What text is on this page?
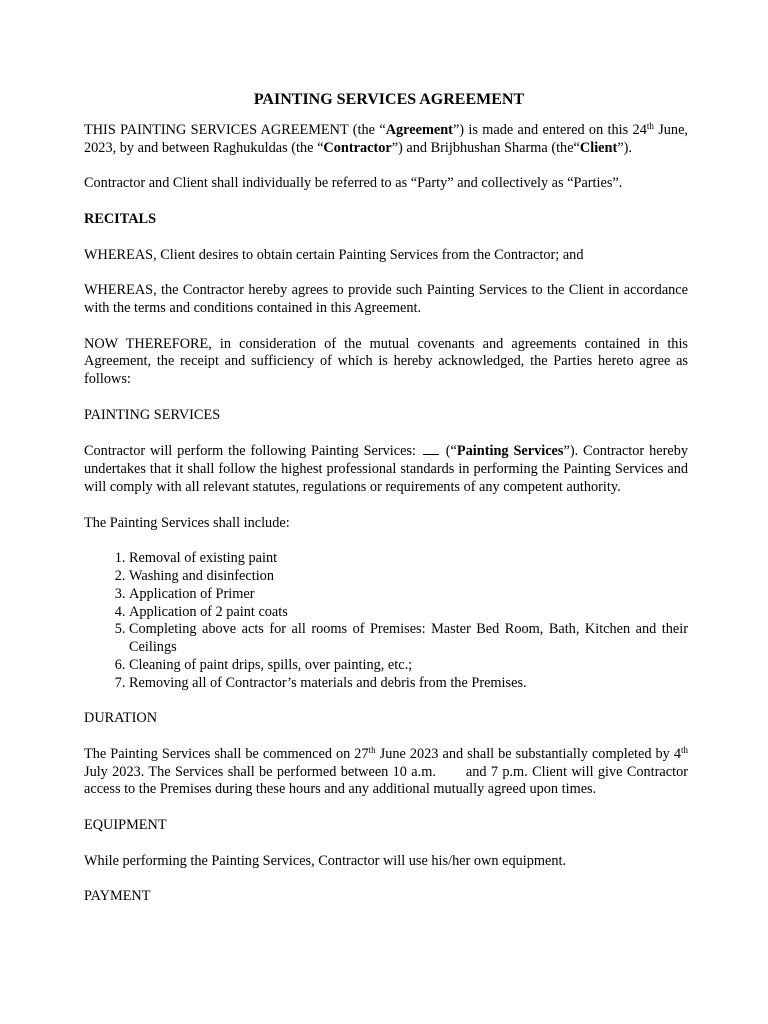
PAINTING SERVICES AGREEMENT

THIS PAINTING SERVICES AGREEMENT (the “Agreement”) is made and entered on this 24th June, 2023, by and between Raghukuldas (the “Contractor”) and Brijbhushan Sharma (the“Client”).

Contractor and Client shall individually be referred to as “Party” and collectively as “Parties”.

RECITALS

WHEREAS, Client desires to obtain certain Painting Services from the Contractor; and

WHEREAS, the Contractor hereby agrees to provide such Painting Services to the Client in accordance with the terms and conditions contained in this Agreement.

NOW THEREFORE, in consideration of the mutual covenants and agreements contained in this Agreement, the receipt and sufficiency of which is hereby acknowledged, the Parties hereto agree as follows:

PAINTING SERVICES

Contractor will perform the following Painting Services:  (“Painting Services”). Contractor hereby undertakes that it shall follow the highest professional standards in performing the Painting Services and will comply with all relevant statutes, regulations or requirements of any competent authority.

The Painting Services shall include:

1. Removal of existing paint
2. Washing and disinfection
3. Application of Primer
4. Application of 2 paint coats
5. Completing above acts for all rooms of Premises: Master Bed Room, Bath, Kitchen and their Ceilings
6. Cleaning of paint drips, spills, over painting, etc.;
7. Removing all of Contractor’s materials and debris from the Premises.

DURATION

The Painting Services shall be commenced on 27th June 2023 and shall be substantially completed by 4th July 2023. The Services shall be performed between 10 a.m. and 7 p.m. Client will give Contractor access to the Premises during these hours and any additional mutually agreed upon times.

EQUIPMENT

While performing the Painting Services, Contractor will use his/her own equipment.

PAYMENT
